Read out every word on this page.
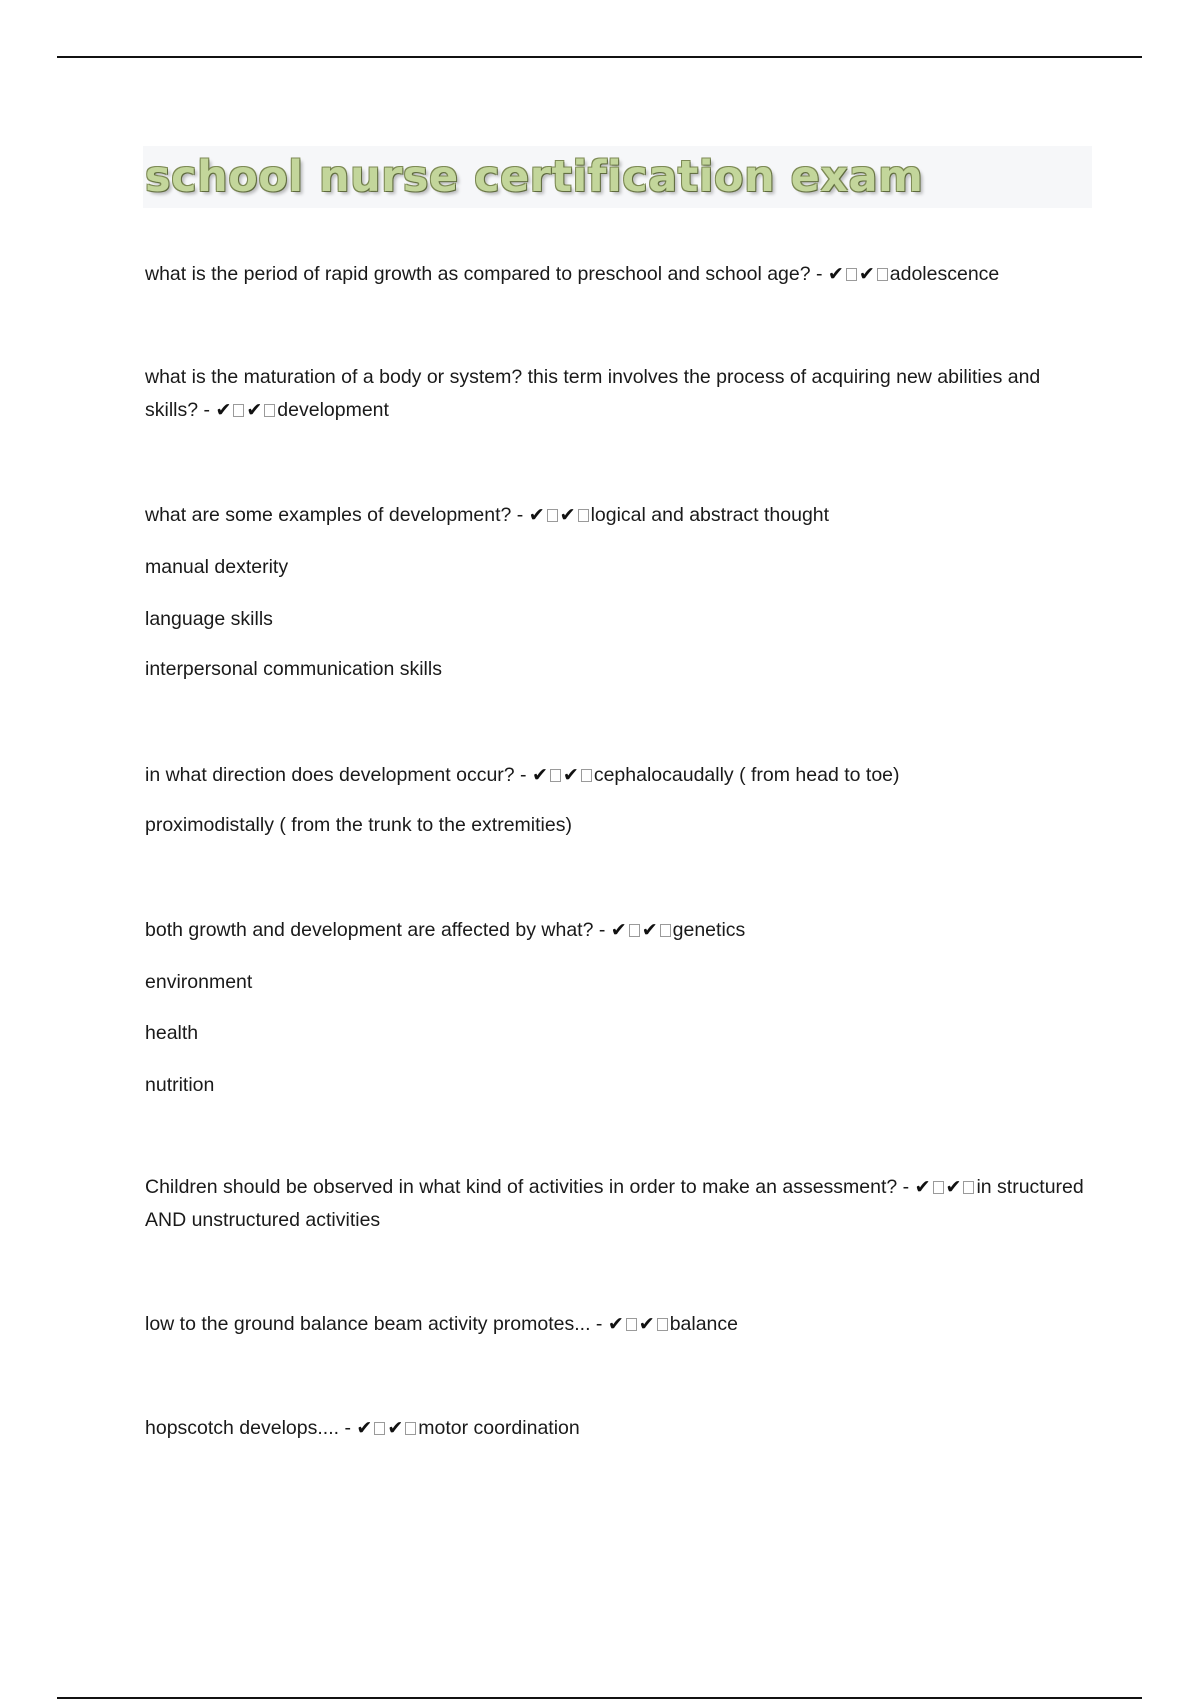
school nurse certification exam
what is the period of rapid growth as compared to preschool and school age? - ✔ ✔ adolescence
what is the maturation of a body or system? this term involves the process of acquiring new abilities and skills? - ✔ ✔ development
what are some examples of development? - ✔ ✔ logical and abstract thought
manual dexterity
language skills
interpersonal communication skills
in what direction does development occur? - ✔ ✔ cephalocaudally ( from head to toe)
proximodistally ( from the trunk to the extremities)
both growth and development are affected by what? - ✔ ✔ genetics
environment
health
nutrition
Children should be observed in what kind of activities in order to make an assessment? - ✔ ✔ in structured AND unstructured activities
low to the ground balance beam activity promotes... - ✔ ✔ balance
hopscotch develops.... - ✔ ✔ motor coordination
